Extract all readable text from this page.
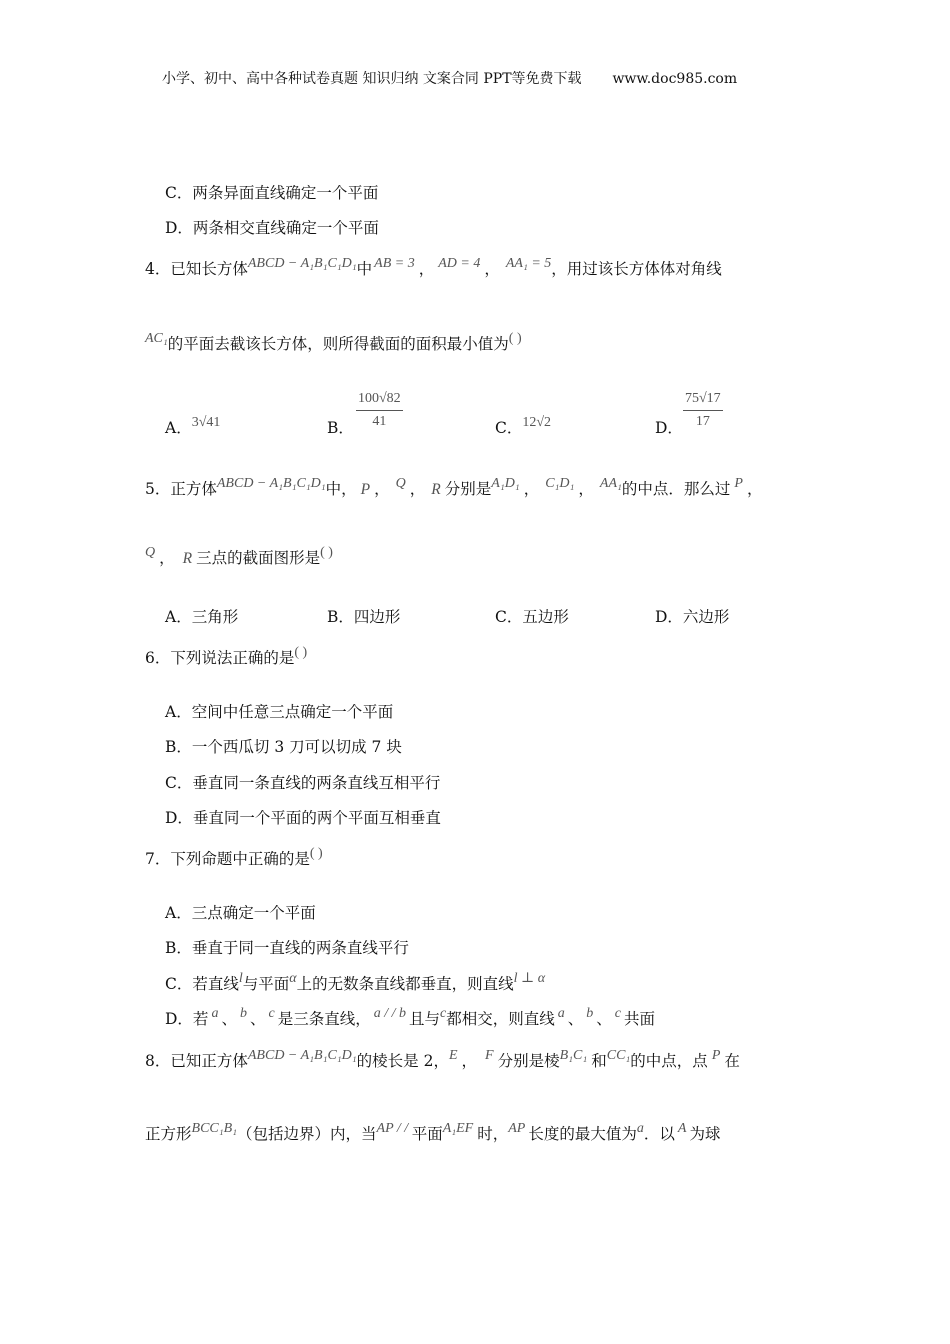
小学、初中、高中各种试卷真题 知识归纳 文案合同 PPT等免费下载 www.doc985.com
C．两条异面直线确定一个平面
D．两条相交直线确定一个平面
4．已知长方体ABCD − A₁B₁C₁D₁中 AB = 3 ， AD = 4 ， AA₁ = 5，用过该长方体体对角线
AC₁的平面去截该长方体，则所得截面的面积最小值为( )
A．3√41	B． $\frac{100√82}{41}$	C．12√2	D． $\frac{75√17}{17}$
5．正方体ABCD − A₁B₁C₁D₁中， P ， Q ， R 分别是A₁D₁ ， C₁D₁ ， AA₁的中点．那么过 P ，
Q ， R 三点的截面图形是( )
A．三角形	B．四边形	C．五边形	D．六边形
6．下列说法正确的是( )
A．空间中任意三点确定一个平面
B．一个西瓜切 3 刀可以切成 7 块
C．垂直同一条直线的两条直线互相平行
D．垂直同一个平面的两个平面互相垂直
7．下列命题中正确的是( )
A．三点确定一个平面
B．垂直于同一直线的两条直线平行
C．若直线l与平面α上的无数条直线都垂直，则直线l ⊥ α
D．若 a 、 b 、 c 是三条直线， a / / b 且与c都相交，则直线 a 、 b 、 c 共面
8．已知正方体ABCD − A₁B₁C₁D₁的棱长是 2，E ， F 分别是棱B₁C₁ 和CC₁的中点，点 P 在
正方形BCC₁B₁（包括边界）内，当AP / / 平面A₁EF 时，AP 长度的最大值为a．以 A 为球
